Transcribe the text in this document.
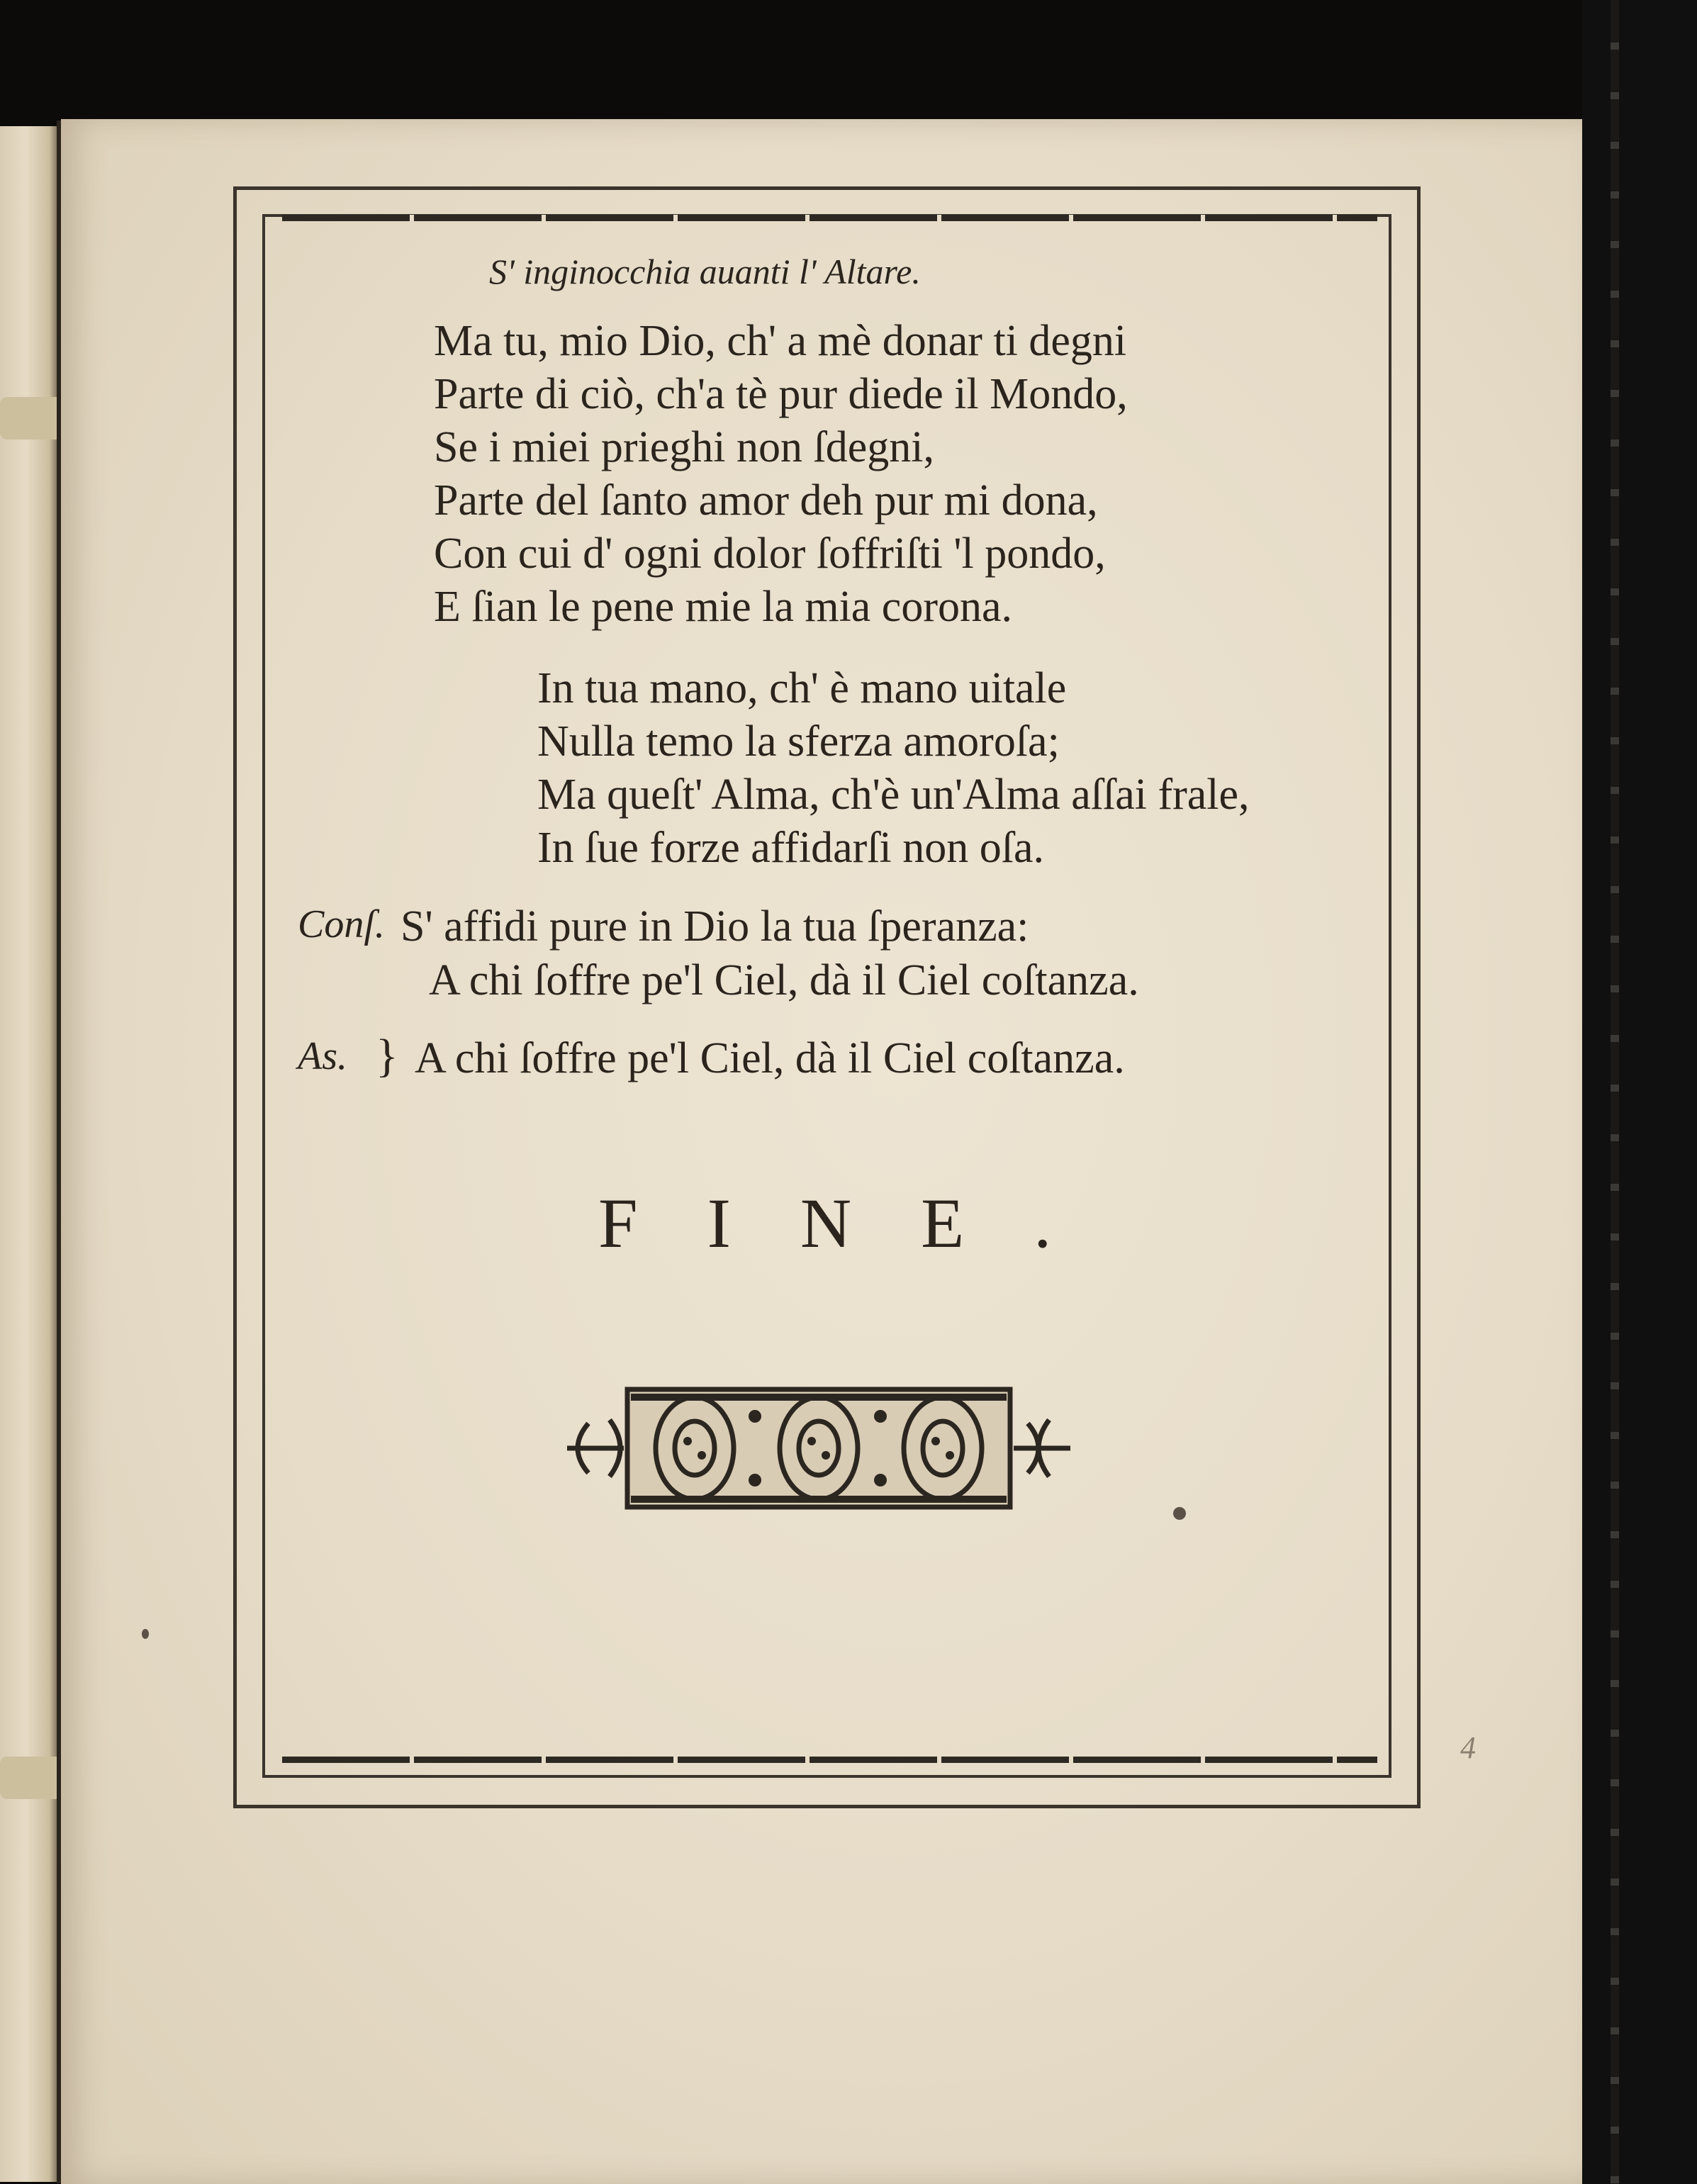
S' inginocchia auanti l' Altare.
Ma tu, mio Dio, ch' a mè donar ti degni
Parte di ciò, ch'a tè pur diede il Mondo,
Se i miei prieghi non ſdegni,
Parte del ſanto amor deh pur mi dona,
Con cui d' ogni dolor ſoffriſti 'l pondo,
E ſian le pene mie la mia corona.
In tua mano, ch' è mano uitale
Nulla temo la sferza amoroſa;
Ma queſt' Alma, ch'è un'Alma aſſai frale,
In ſue forze affidarſi non oſa.
Conſ. S' affidi pure in Dio la tua ſperanza:
A chi ſoffre pe'l Ciel, dà il Ciel coſtanza.
As. } A chi ſoffre pe'l Ciel, dà il Ciel coſtanza.
FINE.
4
